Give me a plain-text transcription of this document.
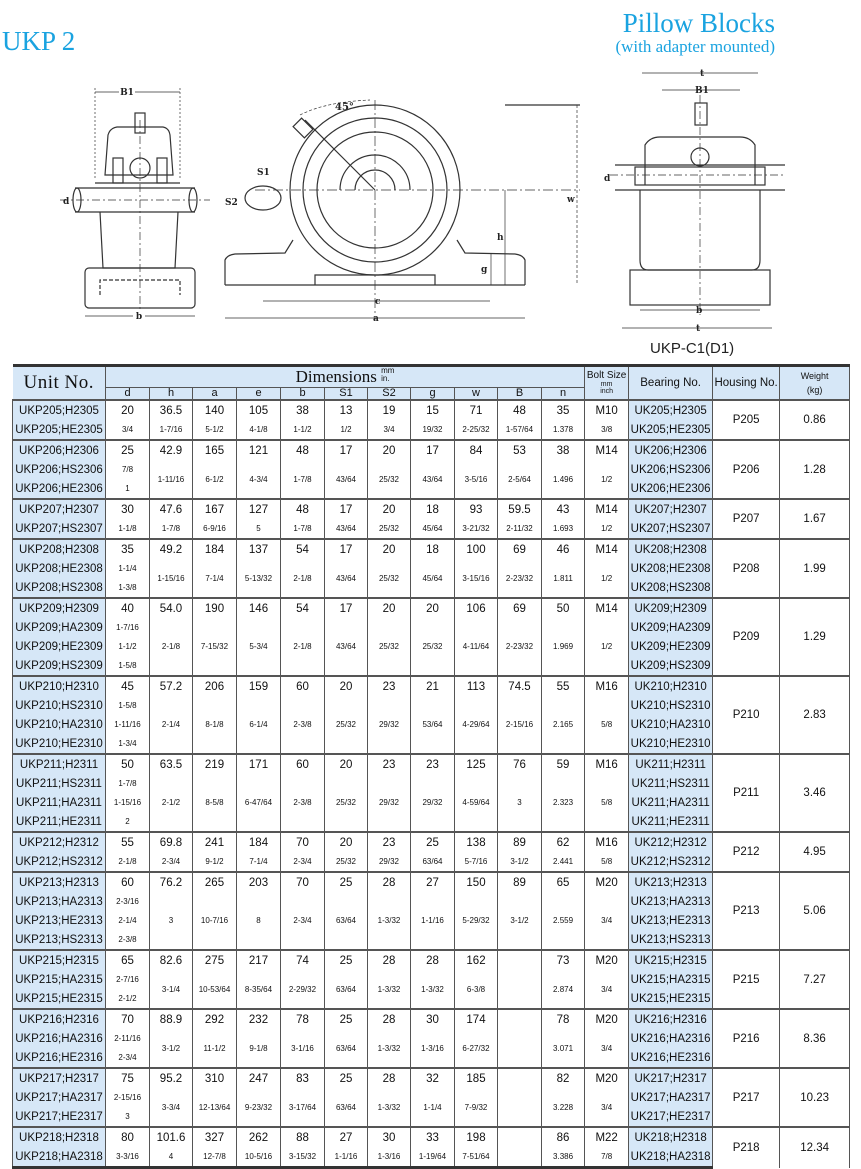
UKP 2
Pillow Blocks
(with adapter mounted)
B1
d
b
45°
S1
S2
c
a
h
g
w
t
B1
d
b
t
UKP-C1(D1)
Unit No.	Dimensions mm
in.											Bolt Size
mm
inch	Bearing No.	Housing No.	Weight
(kg)
	d	h	a	e	b	S1	S2	g	w	B	n				
UKP205;H2305	20	36.5	140	105	38	13	19	15	71	48	35	M10	UK205;H2305	P205	0.86
UKP205;HE2305	3/4	1-7/16	5-1/2	4-1/8	1-1/2	1/2	3/4	19/32	2-25/32	1-57/64	1.378	3/8	UK205;HE2305		
UKP206;H2306	25	42.9	165	121	48	17	20	17	84	53	38	M14	UK206;H2306	P206	1.28
UKP206;HS2306	7/8	1-11/16	6-1/2	4-3/4	1-7/8	43/64	25/32	43/64	3-5/16	2-5/64	1.496	1/2	UK206;HS2306		
UKP206;HE2306	1												UK206;HE2306		
UKP207;H2307	30	47.6	167	127	48	17	20	18	93	59.5	43	M14	UK207;H2307	P207	1.67
UKP207;HS2307	1-1/8	1-7/8	6-9/16	5	1-7/8	43/64	25/32	45/64	3-21/32	2-11/32	1.693	1/2	UK207;HS2307		
UKP208;H2308	35	49.2	184	137	54	17	20	18	100	69	46	M14	UK208;H2308	P208	1.99
UKP208;HE2308	1-1/4	1-15/16	7-1/4	5-13/32	2-1/8	43/64	25/32	45/64	3-15/16	2-23/32	1.811	1/2	UK208;HE2308		
UKP208;HS2308	1-3/8												UK208;HS2308		
UKP209;H2309	40	54.0	190	146	54	17	20	20	106	69	50	M14	UK209;H2309	P209	1.29
UKP209;HA2309	1-7/16	2-1/8	7-15/32	5-3/4	2-1/8	43/64	25/32	25/32	4-11/64	2-23/32	1.969	1/2	UK209;HA2309		
UKP209;HE2309	1-1/2												UK209;HE2309		
UKP209;HS2309	1-5/8												UK209;HS2309		
UKP210;H2310	45	57.2	206	159	60	20	23	21	113	74.5	55	M16	UK210;H2310	P210	2.83
UKP210;HS2310	1-5/8	2-1/4	8-1/8	6-1/4	2-3/8	25/32	29/32	53/64	4-29/64	2-15/16	2.165	5/8	UK210;HS2310		
UKP210;HA2310	1-11/16												UK210;HA2310		
UKP210;HE2310	1-3/4												UK210;HE2310		
UKP211;H2311	50	63.5	219	171	60	20	23	23	125	76	59	M16	UK211;H2311	P211	3.46
UKP211;HS2311	1-7/8	2-1/2	8-5/8	6-47/64	2-3/8	25/32	29/32	29/32	4-59/64	3	2.323	5/8	UK211;HS2311		
UKP211;HA2311	1-15/16												UK211;HA2311		
UKP211;HE2311	2												UK211;HE2311		
UKP212;H2312	55	69.8	241	184	70	20	23	25	138	89	62	M16	UK212;H2312	P212	4.95
UKP212;HS2312	2-1/8	2-3/4	9-1/2	7-1/4	2-3/4	25/32	29/32	63/64	5-7/16	3-1/2	2.441	5/8	UK212;HS2312		
UKP213;H2313	60	76.2	265	203	70	25	28	27	150	89	65	M20	UK213;H2313	P213	5.06
UKP213;HA2313	2-3/16	3	10-7/16	8	2-3/4	63/64	1-3/32	1-1/16	5-29/32	3-1/2	2.559	3/4	UK213;HA2313		
UKP213;HE2313	2-1/4												UK213;HE2313		
UKP213;HS2313	2-3/8												UK213;HS2313		
UKP215;H2315	65	82.6	275	217	74	25	28	28	162		73	M20	UK215;H2315	P215	7.27
UKP215;HA2315	2-7/16	3-1/4	10-53/64	8-35/64	2-29/32	63/64	1-3/32	1-3/32	6-3/8		2.874	3/4	UK215;HA2315		
UKP215;HE2315	2-1/2												UK215;HE2315		
UKP216;H2316	70	88.9	292	232	78	25	28	30	174		78	M20	UK216;H2316	P216	8.36
UKP216;HA2316	2-11/16	3-1/2	11-1/2	9-1/8	3-1/16	63/64	1-3/32	1-3/16	6-27/32		3.071	3/4	UK216;HA2316		
UKP216;HE2316	2-3/4												UK216;HE2316		
UKP217;H2317	75	95.2	310	247	83	25	28	32	185		82	M20	UK217;H2317	P217	10.23
UKP217;HA2317	2-15/16	3-3/4	12-13/64	9-23/32	3-17/64	63/64	1-3/32	1-1/4	7-9/32		3.228	3/4	UK217;HA2317		
UKP217;HE2317	3												UK217;HE2317		
UKP218;H2318	80	101.6	327	262	88	27	30	33	198		86	M22	UK218;H2318	P218	12.34
UKP218;HA2318	3-3/16	4	12-7/8	10-5/16	3-15/32	1-1/16	1-3/16	1-19/64	7-51/64		3.386	7/8	UK218;HA2318		
